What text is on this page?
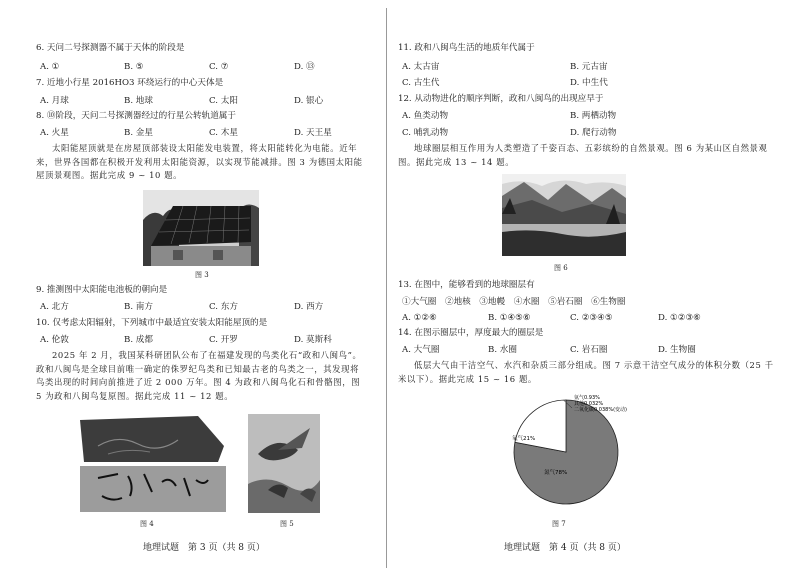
6. 天问二号探测器不属于天体的阶段是
A. ①	B. ⑤	C. ⑦	D. ⑬
7. 近地小行星 2016HO3 环绕运行的中心天体是
A. 月球	B. 地球	C. 太阳	D. 银心
8. ⑩阶段，天问二号探测器经过的行星公转轨道属于
A. 火星	B. 金星	C. 木星	D. 天王星
太阳能屋顶就是在房屋顶部装设太阳能发电装置，将太阳能转化为电能。近年来，世界各国都在积极开发利用太阳能资源，以实现节能减排。图 3 为德国太阳能屋顶景观图。据此完成 9 ~ 10 题。
图 3
9. 推测图中太阳能电池板的朝向是
A. 北方	B. 南方	C. 东方	D. 西方
10. 仅考虑太阳辐射，下列城市中最适宜安装太阳能屋顶的是
A. 伦敦	B. 成都	C. 开罗	D. 莫斯科
2025 年 2 月，我国某科研团队公布了在福建发现的鸟类化石“政和八闽鸟”。政和八闽鸟是全球目前唯一确定的侏罗纪鸟类和已知最古老的鸟类之一，其发现将鸟类出现的时间向前推进了近 2 000 万年。图 4 为政和八闽鸟化石和骨骼图，图 5 为政和八闽鸟复原图。据此完成 11 ~ 12 题。
图 4	图 5
地理试题　第 3 页（共 8 页）
11. 政和八闽鸟生活的地质年代属于
A. 太古宙	B. 元古宙
C. 古生代	D. 中生代
12. 从动物进化的顺序判断，政和八闽鸟的出现应早于
A. 鱼类动物	B. 两栖动物
C. 哺乳动物	D. 爬行动物
地球圈层相互作用为人类塑造了千姿百态、五彩缤纷的自然景观。图 6 为某山区自然景观图。据此完成 13 ~ 14 题。
图 6
13. 在图中，能够看到的地球圈层有
①大气圈　②地核　③地幔　④水圈　⑤岩石圈　⑥生物圈
A. ①②⑥	B. ①④⑤⑥	C. ②③④⑤	D. ①②③⑥
14. 在图示圈层中，厚度最大的圈层是
A. 大气圈	B. 水圈	C. 岩石圈	D. 生物圈
低层大气由干洁空气、水汽和杂质三部分组成。图 7 示意干洁空气成分的体积分数（25 千米以下）。据此完成 15 ~ 16 题。
氩气0.93%
其他0.032%
二氧化碳0.038%(变动)
氧气21%
氮气78%
图 7
地理试题　第 4 页（共 8 页）
